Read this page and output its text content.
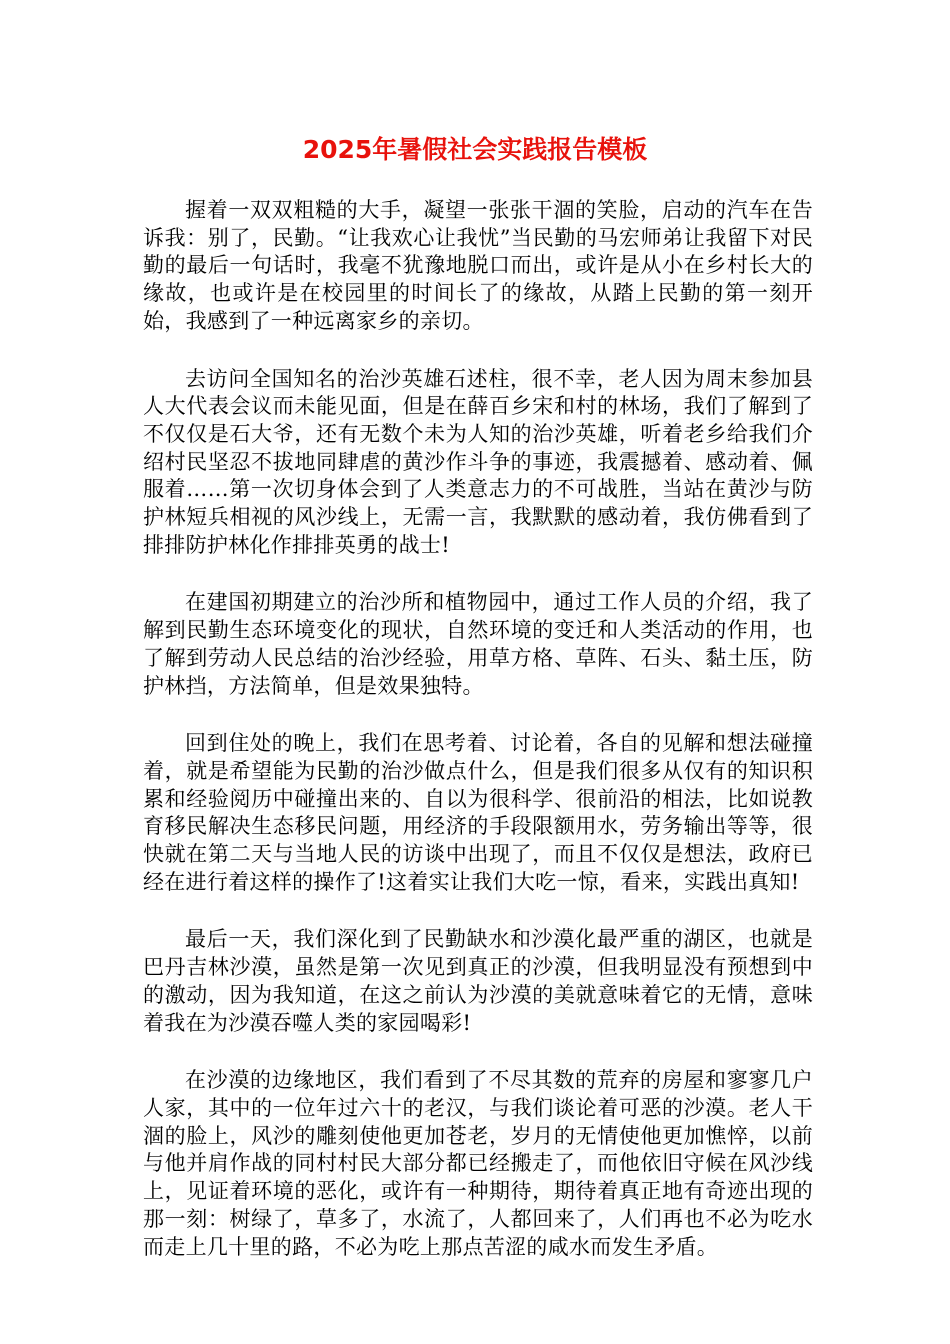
2025年暑假社会实践报告模板

握着一双双粗糙的大手，凝望一张张干涸的笑脸，启动的汽车在告诉我：别了，民勤。“让我欢心让我忧”当民勤的马宏师弟让我留下对民勤的最后一句话时，我毫不犹豫地脱口而出，或许是从小在乡村长大的缘故，也或许是在校园里的时间长了的缘故，从踏上民勤的第一刻开始，我感到了一种远离家乡的亲切。

去访问全国知名的治沙英雄石述柱，很不幸，老人因为周末参加县人大代表会议而未能见面，但是在薛百乡宋和村的林场，我们了解到了不仅仅是石大爷，还有无数个未为人知的治沙英雄，听着老乡给我们介绍村民坚忍不拔地同肆虐的黄沙作斗争的事迹，我震撼着、感动着、佩服着……第一次切身体会到了人类意志力的不可战胜，当站在黄沙与防护林短兵相视的风沙线上，无需一言，我默默的感动着，我仿佛看到了排排防护林化作排排英勇的战士!

在建国初期建立的治沙所和植物园中，通过工作人员的介绍，我了解到民勤生态环境变化的现状，自然环境的变迁和人类活动的作用，也了解到劳动人民总结的治沙经验，用草方格、草阵、石头、黏土压，防护林挡，方法简单，但是效果独特。

回到住处的晚上，我们在思考着、讨论着，各自的见解和想法碰撞着，就是希望能为民勤的治沙做点什么，但是我们很多从仅有的知识积累和经验阅历中碰撞出来的、自以为很科学、很前沿的相法，比如说教育移民解决生态移民问题，用经济的手段限额用水，劳务输出等等，很快就在第二天与当地人民的访谈中出现了，而且不仅仅是想法，政府已经在进行着这样的操作了!这着实让我们大吃一惊，看来，实践出真知!

最后一天，我们深化到了民勤缺水和沙漠化最严重的湖区，也就是巴丹吉林沙漠，虽然是第一次见到真正的沙漠，但我明显没有预想到中的激动，因为我知道，在这之前认为沙漠的美就意味着它的无情，意味着我在为沙漠吞噬人类的家园喝彩!

在沙漠的边缘地区，我们看到了不尽其数的荒弃的房屋和寥寥几户人家，其中的一位年过六十的老汉，与我们谈论着可恶的沙漠。老人干涸的脸上，风沙的雕刻使他更加苍老，岁月的无情使他更加憔悴，以前与他并肩作战的同村村民大部分都已经搬走了，而他依旧守候在风沙线上，见证着环境的恶化，或许有一种期待，期待着真正地有奇迹出现的那一刻：树绿了，草多了，水流了，人都回来了，人们再也不必为吃水而走上几十里的路，不必为吃上那点苦涩的咸水而发生矛盾。
